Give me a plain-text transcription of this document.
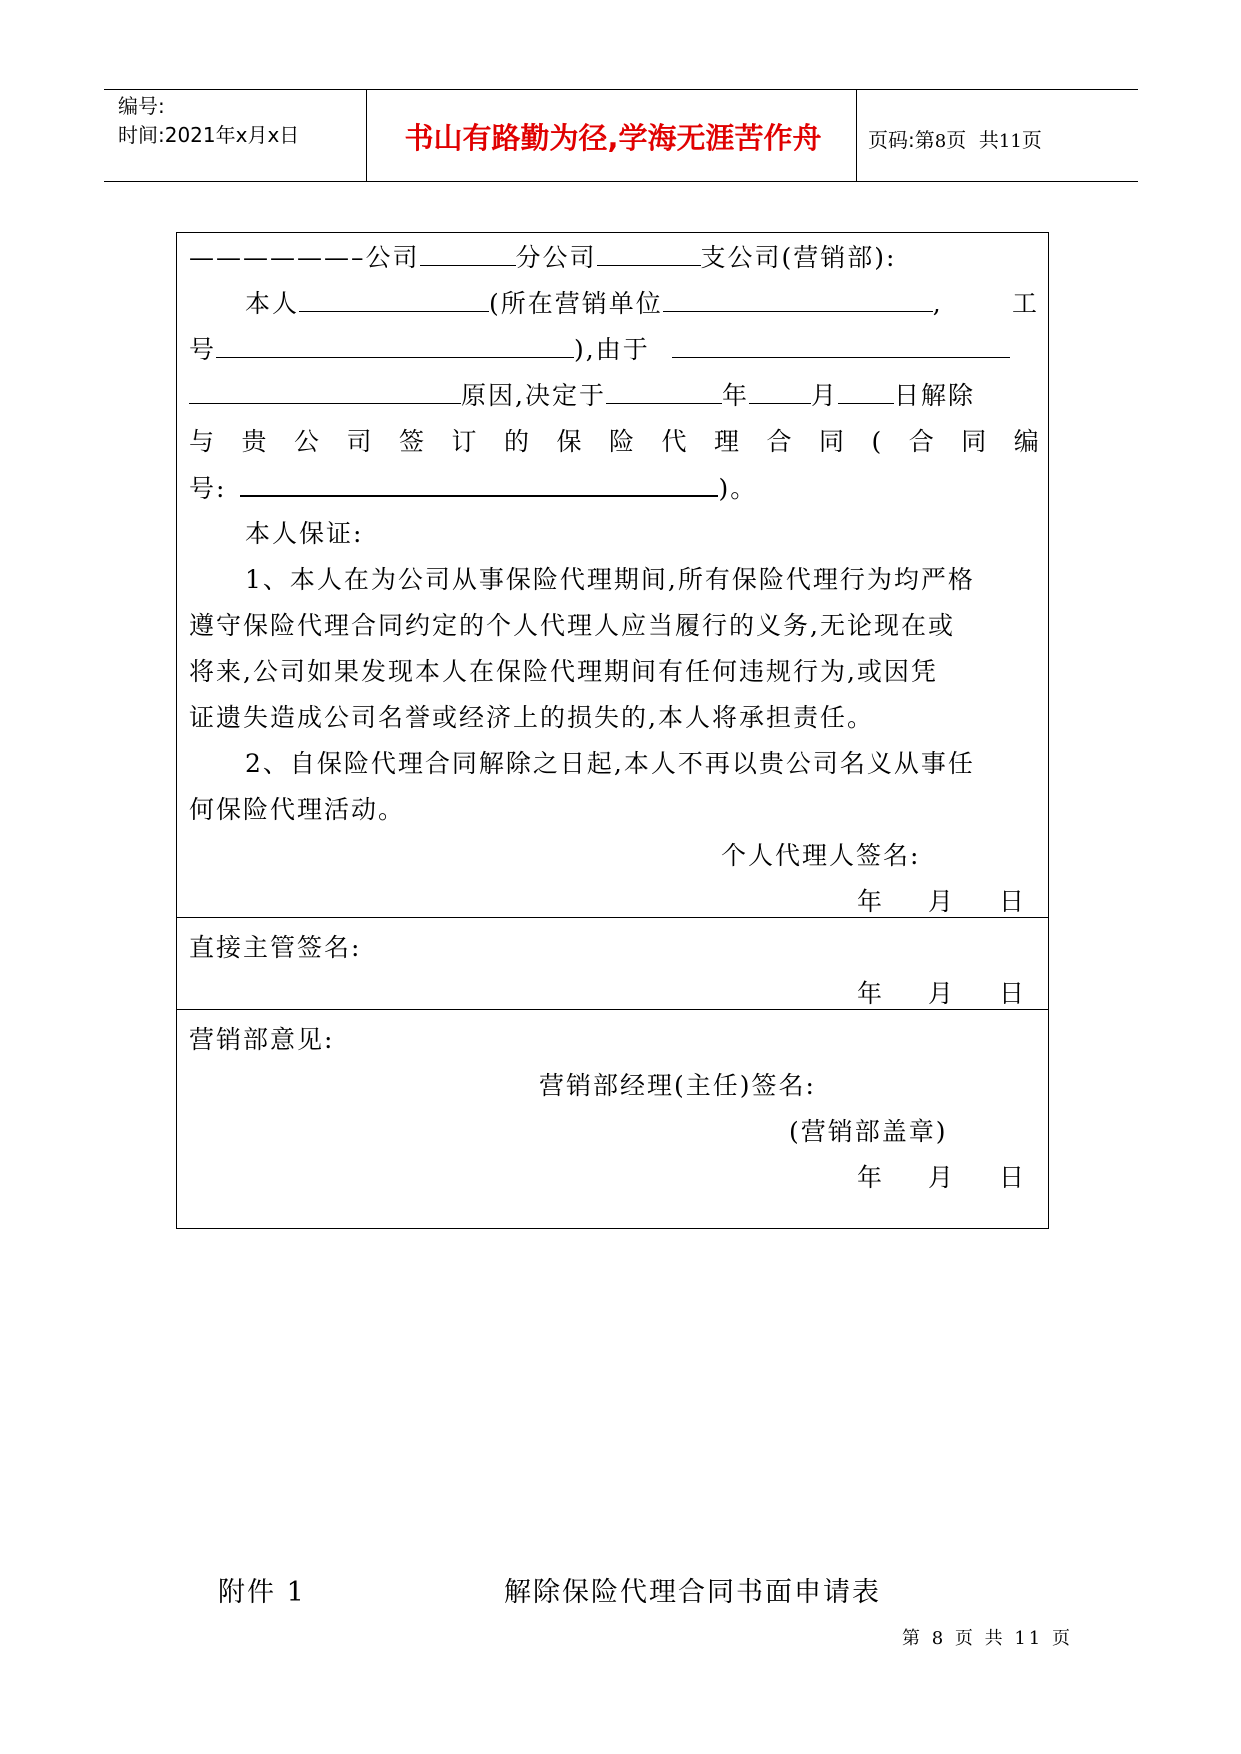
编号:
时间:2021年x月x日	书山有路勤为径,学海无涯苦作舟	页码:第8页  共11页
——————–公司	分公司	支公司(营销部):
本人	(所在营销单位	,	工
号	),由于
原因,决定于	年 月 日解除
与 贵 公 司 签 订 的 保 险 代 理 合 同 ( 合 同 编
号:	)。
本人保证:
1、本人在为公司从事保险代理期间,所有保险代理行为均严格
遵守保险代理合同约定的个人代理人应当履行的义务,无论现在或
将来,公司如果发现本人在保险代理期间有任何违规行为,或因凭
证遗失造成公司名誉或经济上的损失的,本人将承担责任。
2、自保险代理合同解除之日起,本人不再以贵公司名义从事任
何保险代理活动。
个人代理人签名:
年 月 日
直接主管签名:
年 月 日
营销部意见:
营销部经理(主任)签名:
(营销部盖章)
年 月 日
附件 1	解除保险代理合同书面申请表
第 8 页 共 11 页
